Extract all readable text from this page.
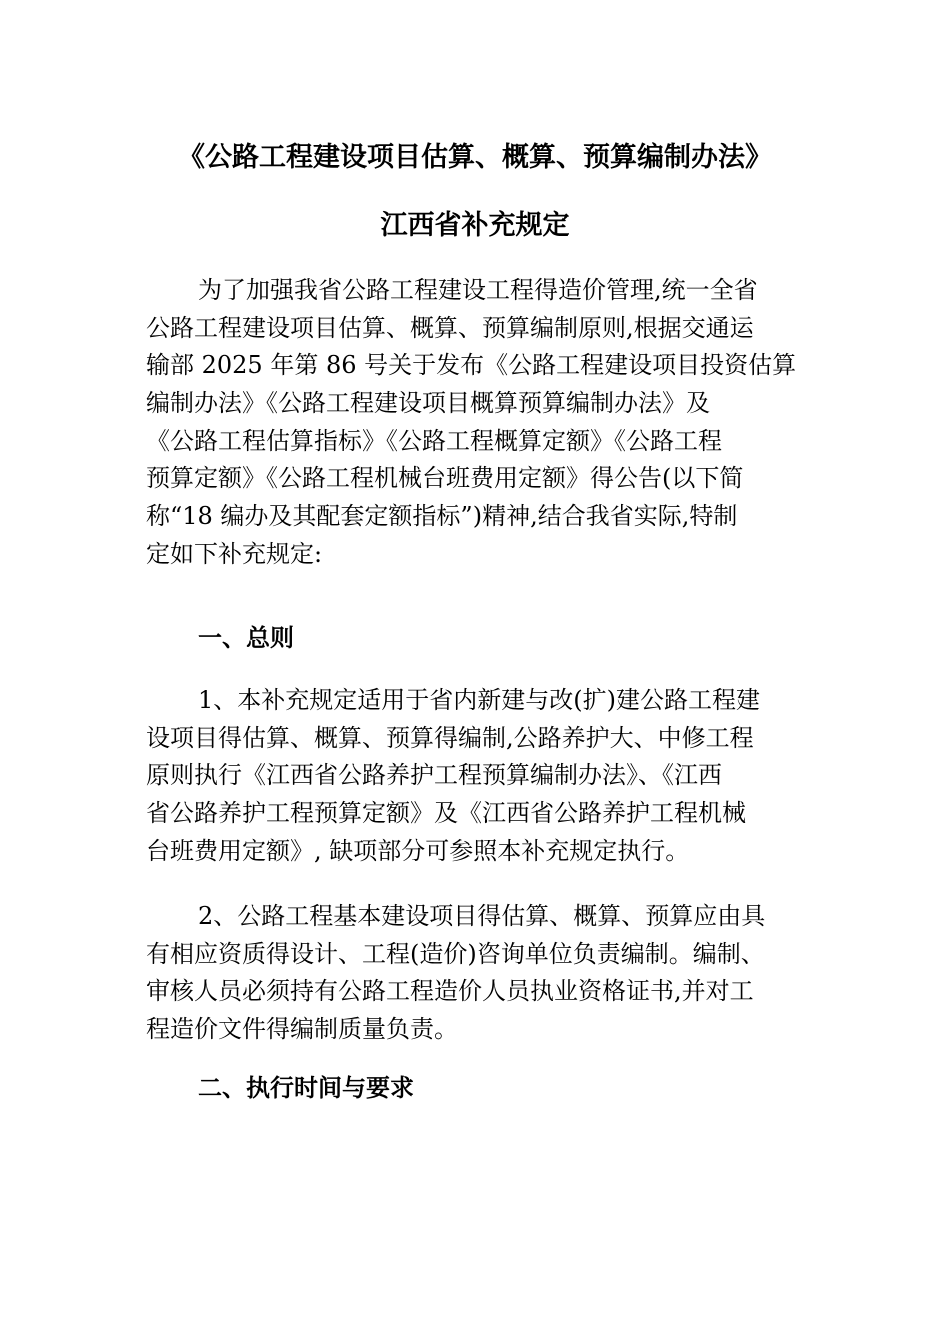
《公路工程建设项目估算、概算、预算编制办法》
江西省补充规定
为了加强我省公路工程建设工程得造价管理,统一全省
公路工程建设项目估算、概算、预算编制原则,根据交通运
输部 2025 年第 86 号关于发布《公路工程建设项目投资估算
编制办法》《公路工程建设项目概算预算编制办法》及
《公路工程估算指标》《公路工程概算定额》《公路工程
预算定额》《公路工程机械台班费用定额》得公告(以下简
称“18 编办及其配套定额指标”)精神,结合我省实际,特制
定如下补充规定:
一、总则
1、本补充规定适用于省内新建与改(扩)建公路工程建
设项目得估算、概算、预算得编制,公路养护大、中修工程
原则执行《江西省公路养护工程预算编制办法》、《江西
省公路养护工程预算定额》及《江西省公路养护工程机械
台班费用定额》, 缺项部分可参照本补充规定执行。
2、公路工程基本建设项目得估算、概算、预算应由具
有相应资质得设计、工程(造价)咨询单位负责编制。编制、
审核人员必须持有公路工程造价人员执业资格证书,并对工
程造价文件得编制质量负责。
二、执行时间与要求
